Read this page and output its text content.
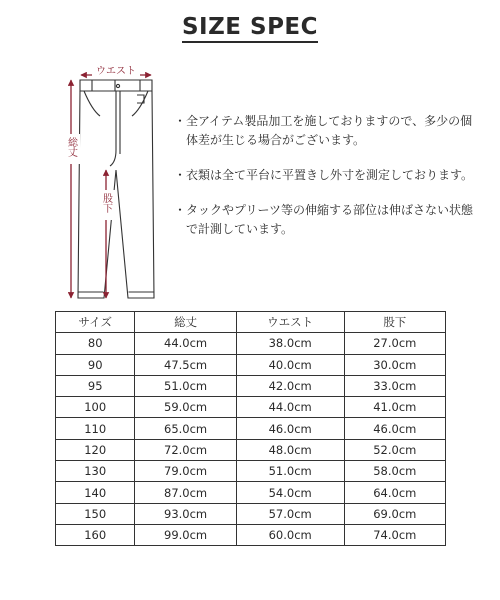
SIZE SPEC
ウエスト
総丈
股下
・ 全アイテム製品加工を施しておりますので、多少の個体差が生じる場合がございます。
・ 衣類は全て平台に平置きし外寸を測定しております。
・ タックやプリーツ等の伸縮する部位は伸ばさない状態で計測しています。
サイズ	総丈	ウエスト	股下
80	44.0cm	38.0cm	27.0cm
90	47.5cm	40.0cm	30.0cm
95	51.0cm	42.0cm	33.0cm
100	59.0cm	44.0cm	41.0cm
110	65.0cm	46.0cm	46.0cm
120	72.0cm	48.0cm	52.0cm
130	79.0cm	51.0cm	58.0cm
140	87.0cm	54.0cm	64.0cm
150	93.0cm	57.0cm	69.0cm
160	99.0cm	60.0cm	74.0cm
